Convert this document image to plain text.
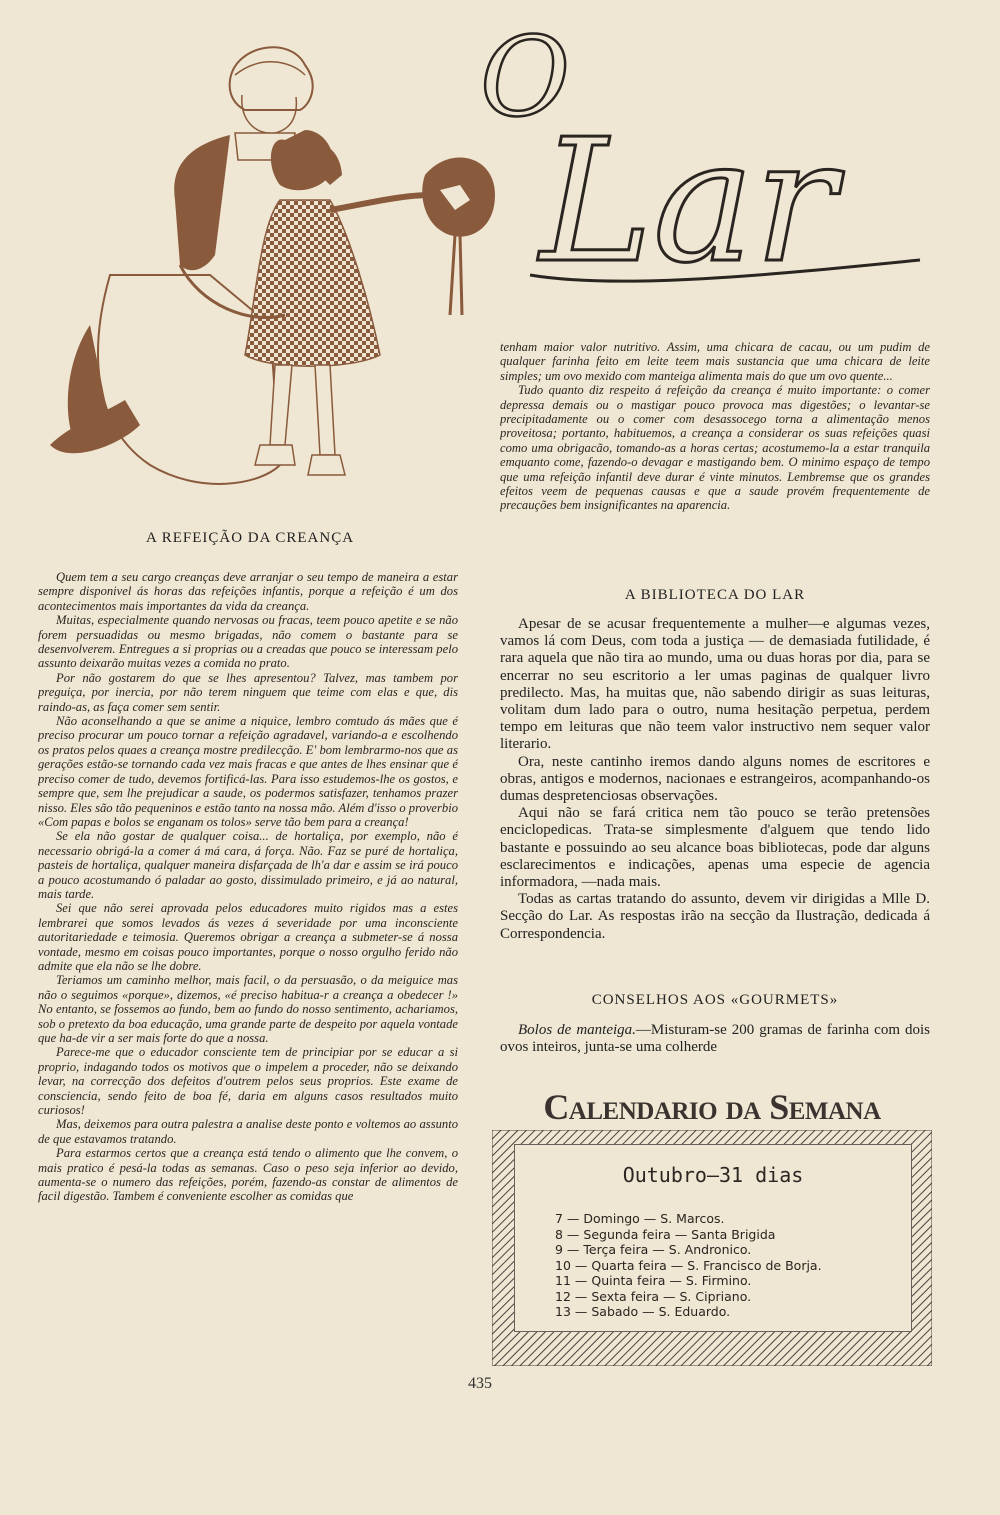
O
Lar
A REFEIÇÃO DA CREANÇA

Quem tem a seu cargo creanças deve arranjar o seu tempo de maneira a estar sempre disponivel ás horas das refeições infantis, porque a refeição é um dos acontecimentos mais importantes da vida da creança.

Muitas, especialmente quando nervosas ou fracas, teem pouco apetite e se não forem persuadidas ou mesmo brigadas, não comem o bastante para se desenvolverem. Entregues a si proprias ou a creadas que pouco se interessam pelo assunto deixarão muitas vezes a comida no prato.

Por não gostarem do que se lhes apresentou? Talvez, mas tambem por preguiça, por inercia, por não terem ninguem que teime com elas e que, dis raindo-as, as faça comer sem sentir.

Não aconselhando a que se anime a niquice, lembro comtudo ás mães que é preciso procurar um pouco tornar a refeição agradavel, variando-a e escolhendo os pratos pelos quaes a creança mostre predilecção. E' bom lembrarmo-nos que as gerações estão-se tornando cada vez mais fracas e que antes de lhes ensinar que é preciso comer de tudo, devemos fortificá-las. Para isso estudemos-lhe os gostos, e sempre que, sem lhe prejudicar a saude, os podermos satisfazer, tenhamos prazer nisso. Eles são tão pequeninos e estão tanto na nossa mão. Além d'isso o proverbio «Com papas e bolos se enganam os tolos» serve tão bem para a creança!

Se ela não gostar de qualquer coisa... de hortaliça, por exemplo, não é necessario obrigá-la a comer á má cara, á força. Não. Faz se puré de hortaliça, pasteis de hortaliça, qualquer maneira disfarçada de lh'a dar e assim se irá pouco a pouco acostumando ó paladar ao gosto, dissimulado primeiro, e já ao natural, mais tarde.

Sei que não serei aprovada pelos educadores muito rigidos mas a estes lembrarei que somos levados ás vezes á severidade por uma inconsciente autoritariedade e teimosia. Queremos obrigar a creança a submeter-se á nossa vontade, mesmo em coisas pouco importantes, porque o nosso orgulho ferido não admite que ela não se lhe dobre.

Teriamos um caminho melhor, mais facil, o da persuasão, o da meiguice mas não o seguimos «porque», dizemos, «é preciso habitua-r a creança a obedecer !» No entanto, se fossemos ao fundo, bem ao fundo do nosso sentimento, achariamos, sob o pretexto da boa educação, uma grande parte de despeito por aquela vontade que ha-de vir a ser mais forte do que a nossa.

Parece-me que o educador consciente tem de principiar por se educar a si proprio, indagando todos os motivos que o impelem a proceder, não se deixando levar, na correcção dos defeitos d'outrem pelos seus proprios. Este exame de consciencia, sendo feito de boa fé, daria em alguns casos resultados muito curiosos!

Mas, deixemos para outra palestra a analise deste ponto e voltemos ao assunto de que estavamos tratando.

Para estarmos certos que a creança está tendo o alimento que lhe convem, o mais pratico é pesá-la todas as semanas. Caso o peso seja inferior ao devido, aumenta-se o numero das refeições, porém, fazendo-as constar de alimentos de facil digestão. Tambem é conveniente escolher as comidas que

tenham maior valor nutritivo. Assim, uma chicara de cacau, ou um pudim de qualquer farinha feito em leite teem mais sustancia que uma chicara de leite simples; um ovo mexido com manteiga alimenta mais do que um ovo quente...

Tudo quanto diz respeito á refeição da creança é muito importante: o comer depressa demais ou o mastigar pouco provoca mas digestões; o levantar-se precipitadamente ou o comer com desassocego torna a alimentação menos proveitosa; portanto, habituemos, a creança a considerar os suas refeições quasi como uma obrigacão, tomando-as a horas certas; acostumemo-la a estar tranquila emquanto come, fazendo-o devagar e mastigando bem. O minimo espaço de tempo que uma refeição infantil deve durar é vinte minutos. Lembremse que os grandes efeitos veem de pequenas causas e que a saude provém frequentemente de precauções bem insignificantes na aparencia.

A BIBLIOTECA DO LAR

Apesar de se acusar frequentemente a mulher—e algumas vezes, vamos lá com Deus, com toda a justiça — de demasiada futilidade, é rara aquela que não tira ao mundo, uma ou duas horas por dia, para se encerrar no seu escritorio a ler umas paginas de qualquer livro predilecto. Mas, ha muitas que, não sabendo dirigir as suas leituras, volitam dum lado para o outro, numa hesitação perpetua, perdem tempo em leituras que não teem valor instructivo nem sequer valor literario.

Ora, neste cantinho iremos dando alguns nomes de escritores e obras, antigos e modernos, nacionaes e estrangeiros, acompanhando-os dumas despretenciosas observações.

Aqui não se fará critica nem tão pouco se terão pretensões enciclopedicas. Trata-se simplesmente d'alguem que tendo lido bastante e possuindo ao seu alcance boas bibliotecas, pode dar alguns esclarecimentos e indicações, apenas uma especie de agencia informadora, —nada mais.

Todas as cartas tratando do assunto, devem vir dirigidas a Mlle D. Secção do Lar. As respostas irão na secção da Ilustração, dedicada á Correspondencia.

CONSELHOS AOS «GOURMETS»

Bolos de manteiga.—Misturam-se 200 gramas de farinha com dois ovos inteiros, junta-se uma colherde

Calendario da Semana
Outubro—31 dias
7 — Domingo — S. Marcos.
8 — Segunda feira — Santa Brigida
9 — Terça feira — S. Andronico.
10 — Quarta feira — S. Francisco de Borja.
11 — Quinta feira — S. Firmino.
12 — Sexta feira — S. Cipriano.
13 — Sabado — S. Eduardo.
435
